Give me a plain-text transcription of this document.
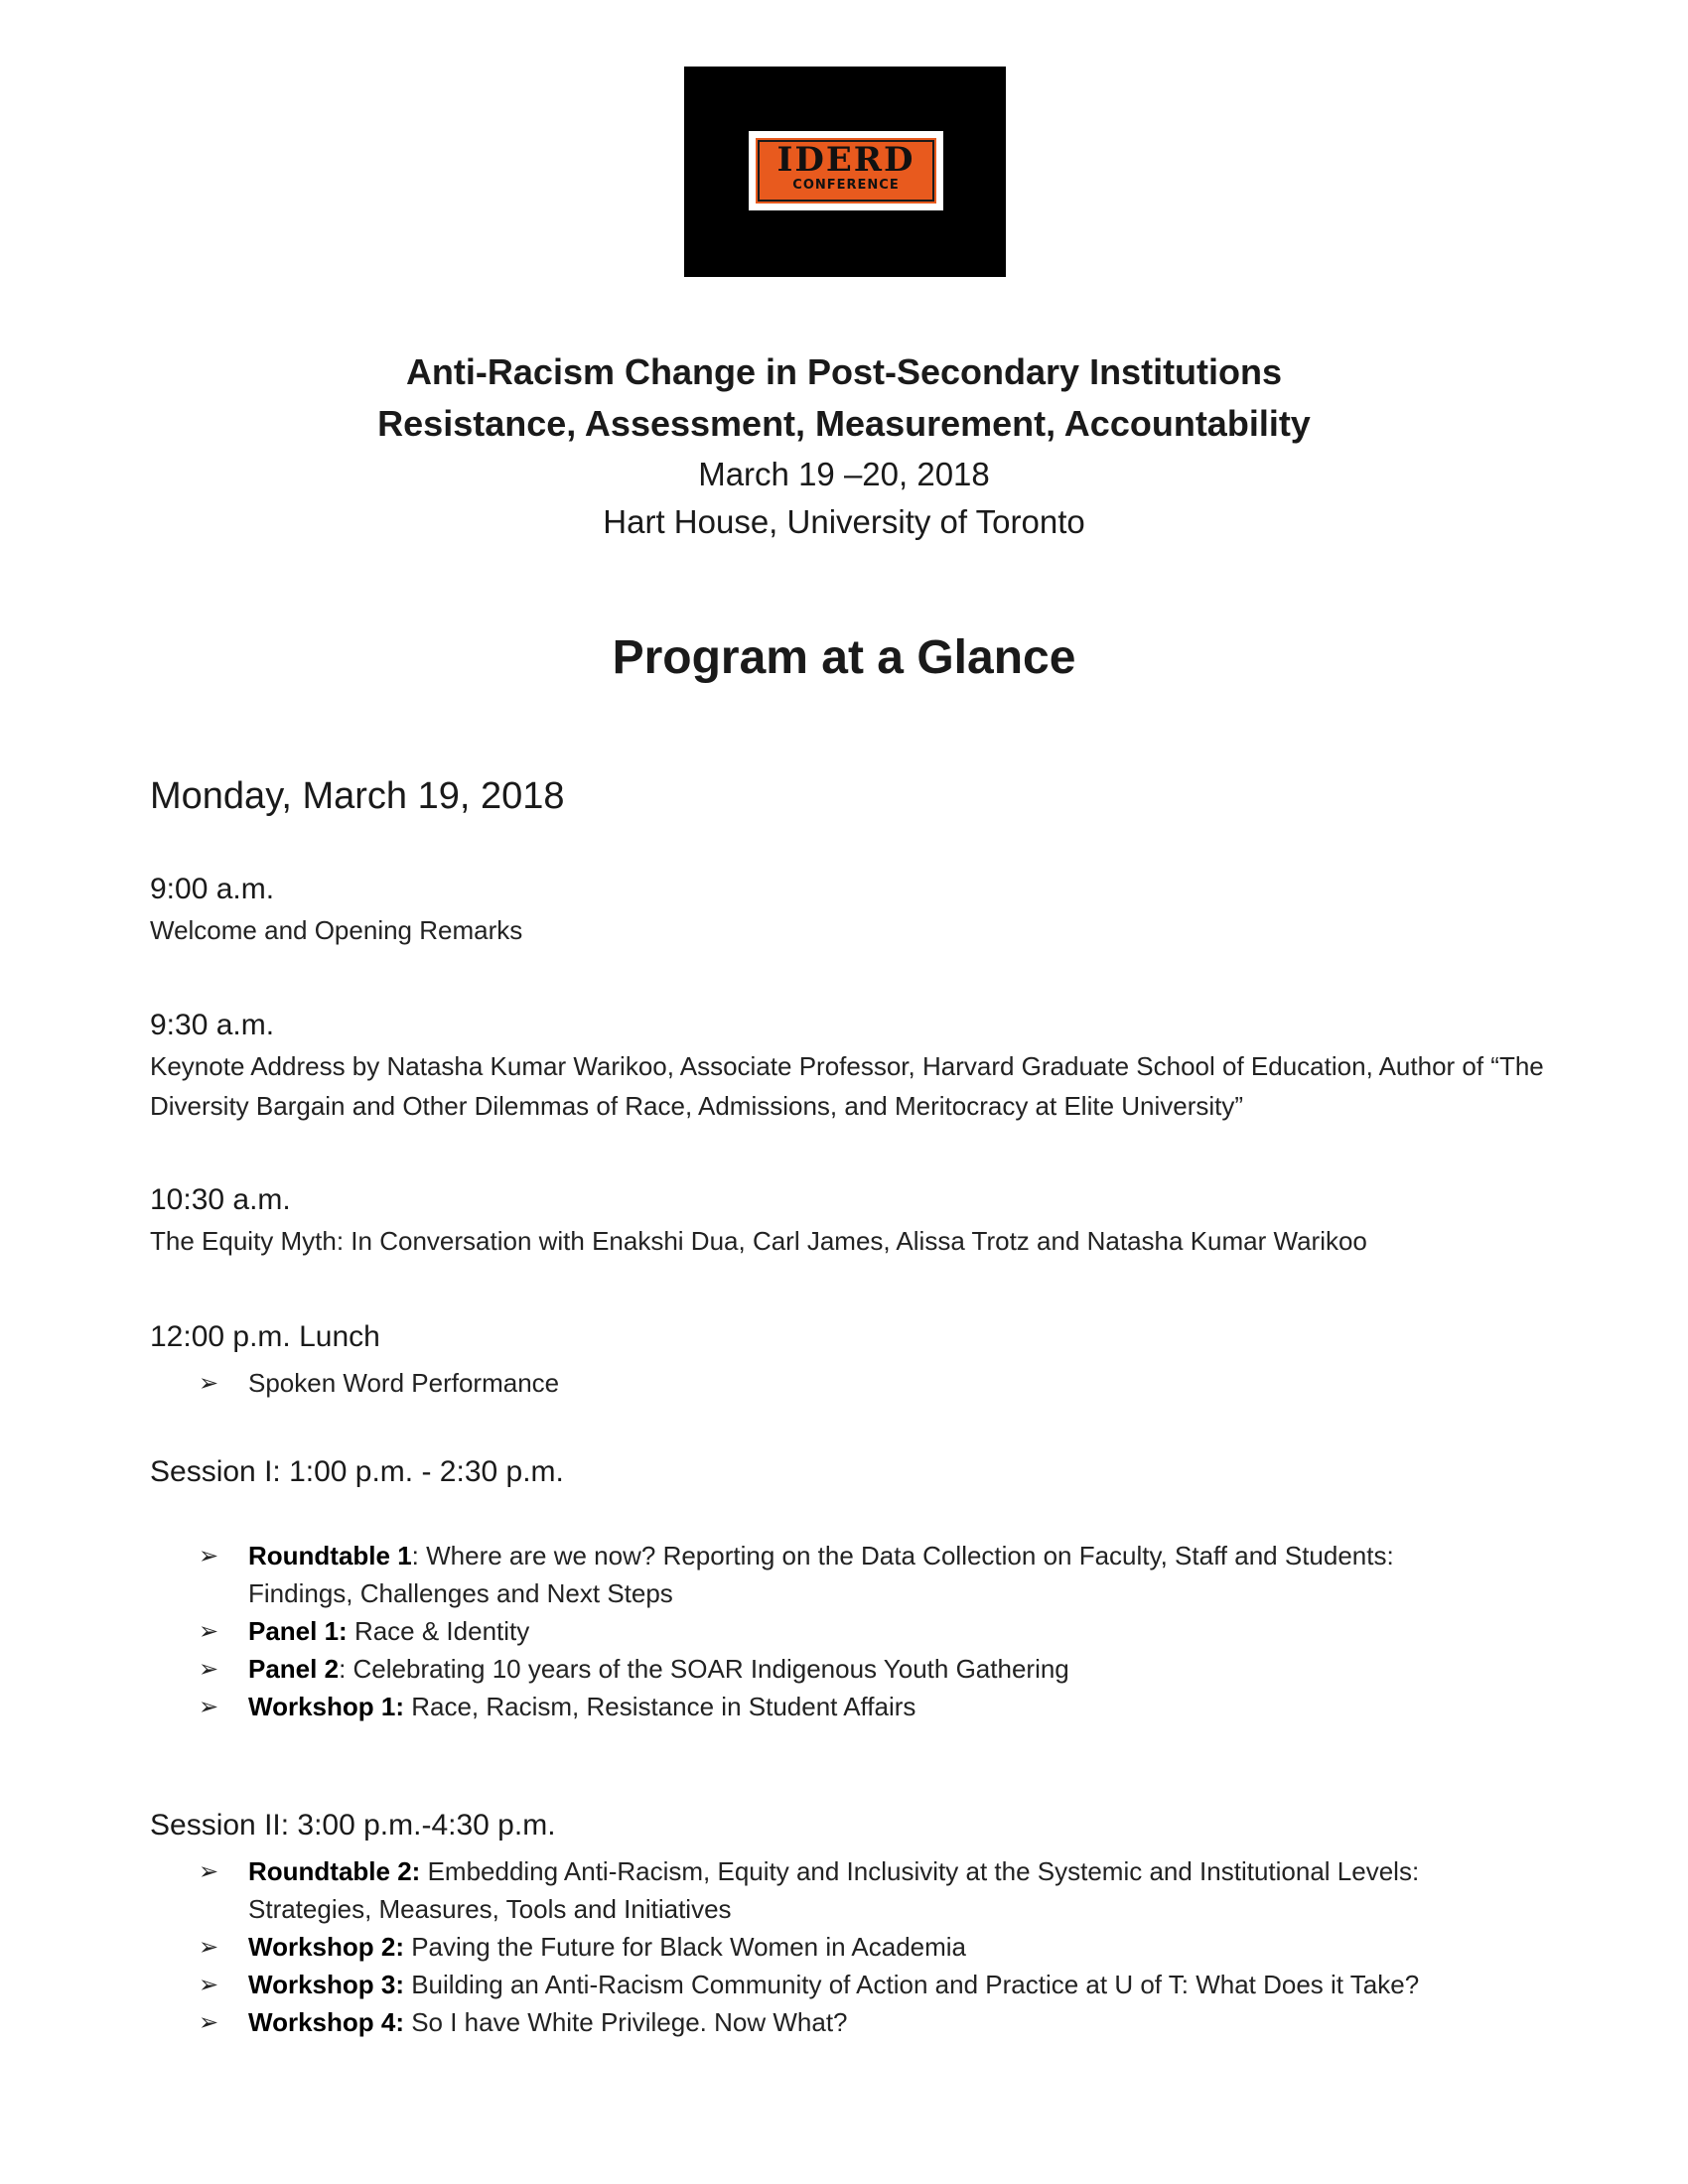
IDERD
CONFERENCE
Anti-Racism Change in Post-Secondary Institutions
Resistance, Assessment, Measurement, Accountability
March 19 –20, 2018
Hart House, University of Toronto
Program at a Glance
Monday, March 19, 2018
9:00 a.m.
Welcome and Opening Remarks
9:30 a.m.
Keynote Address by Natasha Kumar Warikoo, Associate Professor, Harvard Graduate School of Education, Author of “The Diversity Bargain and Other Dilemmas of Race, Admissions, and Meritocracy at Elite University”
10:30 a.m.
The Equity Myth: In Conversation with Enakshi Dua, Carl James, Alissa Trotz and Natasha Kumar Warikoo
12:00 p.m. Lunch
➢ Spoken Word Performance
Session I: 1:00 p.m. - 2:30 p.m.
➢ Roundtable 1: Where are we now? Reporting on the Data Collection on Faculty, Staff and Students: Findings, Challenges and Next Steps
➢ Panel 1: Race & Identity
➢ Panel 2: Celebrating 10 years of the SOAR Indigenous Youth Gathering
➢ Workshop 1: Race, Racism, Resistance in Student Affairs
Session II: 3:00 p.m.-4:30 p.m.
➢ Roundtable 2: Embedding Anti-Racism, Equity and Inclusivity at the Systemic and Institutional Levels: Strategies, Measures, Tools and Initiatives
➢ Workshop 2: Paving the Future for Black Women in Academia
➢ Workshop 3: Building an Anti-Racism Community of Action and Practice at U of T: What Does it Take?
➢ Workshop 4: So I have White Privilege. Now What?
